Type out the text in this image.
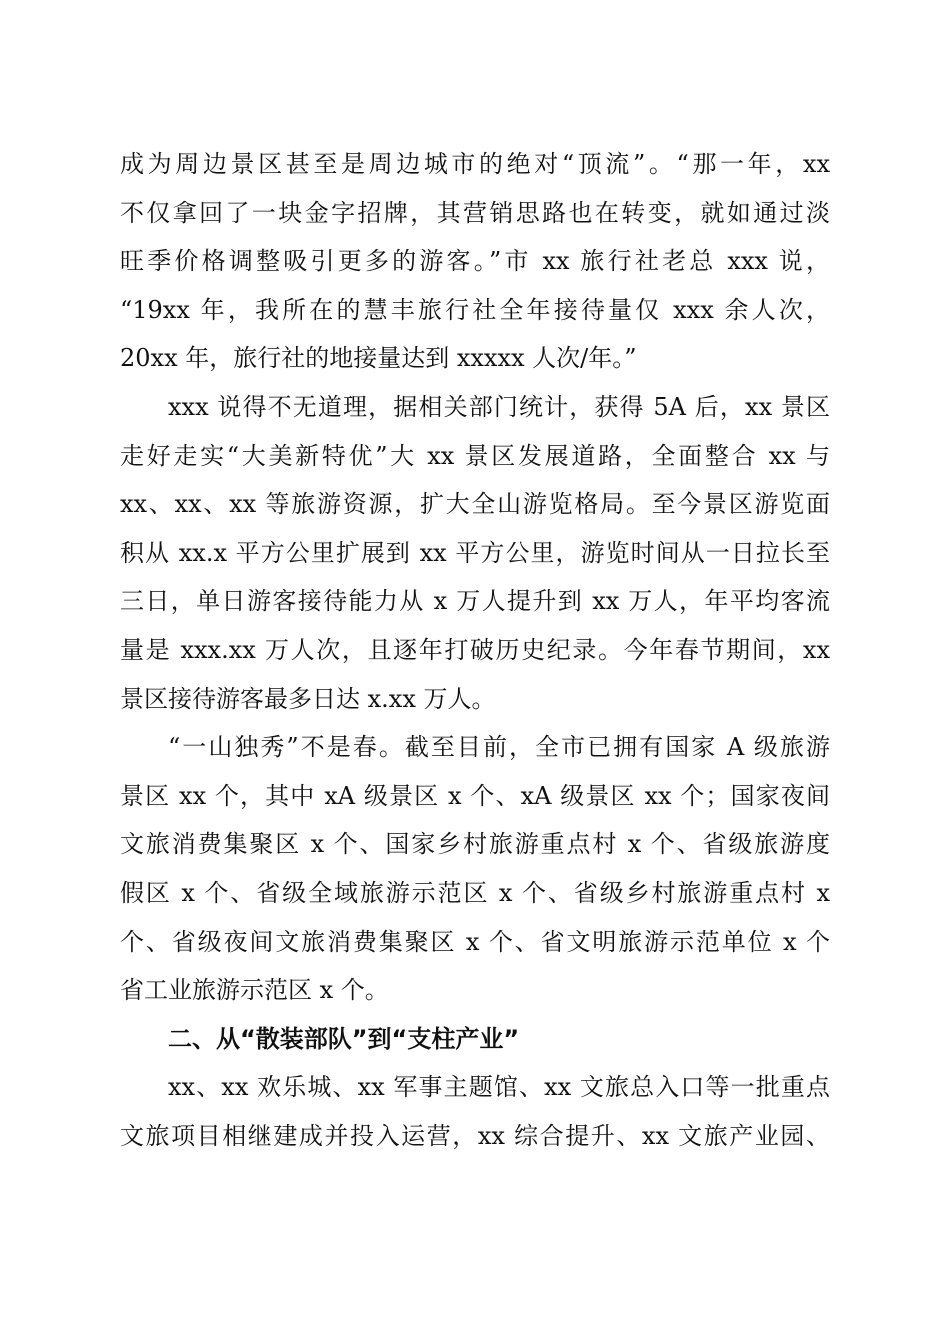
成为周边景区甚至是周边城市的绝对“顶流”。“那一年，xx
不仅拿回了一块金字招牌，其营销思路也在转变，就如通过淡
旺季价格调整吸引更多的游客。”市 xx 旅行社老总 xxx 说，
“19xx 年，我所在的慧丰旅行社全年接待量仅 xxx 余人次，
20xx 年，旅行社的地接量达到 xxxxx 人次/年。”
xxx 说得不无道理，据相关部门统计，获得 5A 后，xx 景区
走好走实“大美新特优”大 xx 景区发展道路，全面整合 xx 与
xx、xx、xx 等旅游资源，扩大全山游览格局。至今景区游览面
积从 xx.x 平方公里扩展到 xx 平方公里，游览时间从一日拉长至
三日，单日游客接待能力从 x 万人提升到 xx 万人，年平均客流
量是 xxx.xx 万人次，且逐年打破历史纪录。今年春节期间，xx
景区接待游客最多日达 x.xx 万人。
“一山独秀”不是春。截至目前，全市已拥有国家 A 级旅游
景区 xx 个，其中 xA 级景区 x 个、xA 级景区 xx 个；国家夜间
文旅消费集聚区 x 个、国家乡村旅游重点村 x 个、省级旅游度
假区 x 个、省级全域旅游示范区 x 个、省级乡村旅游重点村 x
个、省级夜间文旅消费集聚区 x 个、省文明旅游示范单位 x 个
省工业旅游示范区 x 个。
二、从“散装部队”到“支柱产业”
xx、xx 欢乐城、xx 军事主题馆、xx 文旅总入口等一批重点
文旅项目相继建成并投入运营，xx 综合提升、xx 文旅产业园、
